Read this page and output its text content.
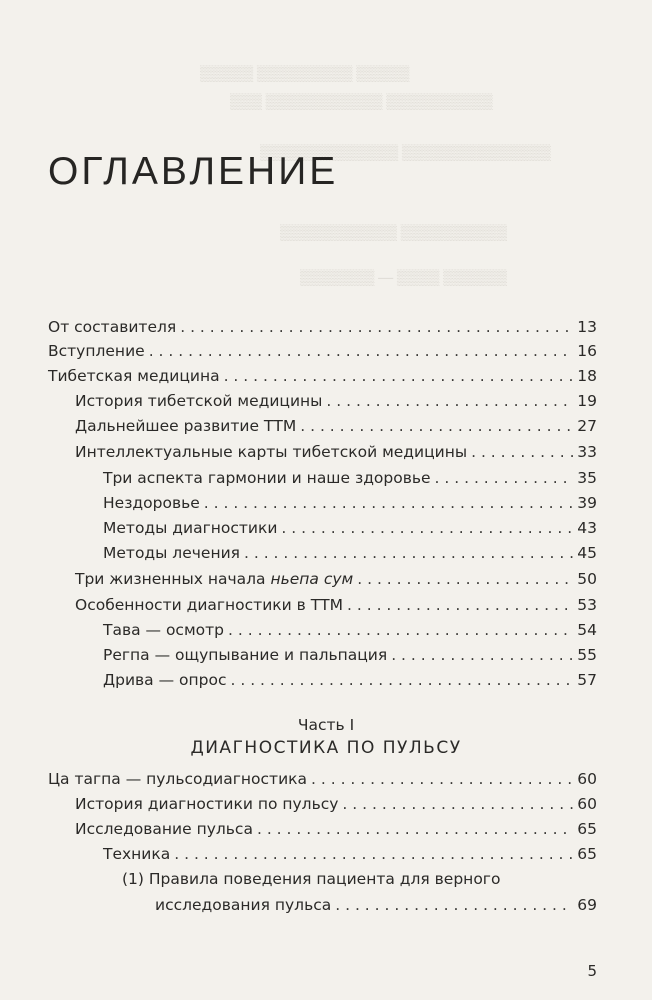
▒▒▒▒▒ ▒▒▒▒▒▒▒▒▒ ▒▒▒▒▒
▒▒▒▒▒▒▒▒▒▒ ▒▒▒▒▒▒▒▒▒▒▒ ▒▒▒
▒▒▒▒▒▒▒▒▒▒▒▒▒▒ ▒▒▒▒▒▒▒▒▒▒▒▒▒
▒▒▒▒▒▒▒▒▒▒ ▒▒▒▒▒▒▒▒▒▒▒
▒▒▒▒▒▒ ▒▒▒▒ — ▒▒▒▒▒▒▒
ОГЛАВЛЕНИЕ
От составителя . . .	13
Вступление . . .	16
Тибетская медицина . . .	18
История тибетской медицины . . .	19
Дальнейшее развитие ТТМ . . .	27
Интеллектуальные карты тибетской медицины . . .	33
Три аспекта гармонии и наше здоровье . . .	35
Нездоровье . . .	39
Методы диагностики . . .	43
Методы лечения . . .	45
Три жизненных начала ньепа сум . . .	50
Особенности диагностики в ТТМ . . .	53
Тава — осмотр . . .	54
Регпа — ощупывание и пальпация . . .	55
Дрива — опрос . . .	57
Часть I
ДИАГНОСТИКА ПО ПУЛЬСУ
Ца тагпа — пульсодиагностика . . .	60
История диагностики по пульсу . . .	60
Исследование пульса . . .	65
Техника . . .	65
(1) Правила поведения пациента для верного
исследования пульса . . .	69
5
